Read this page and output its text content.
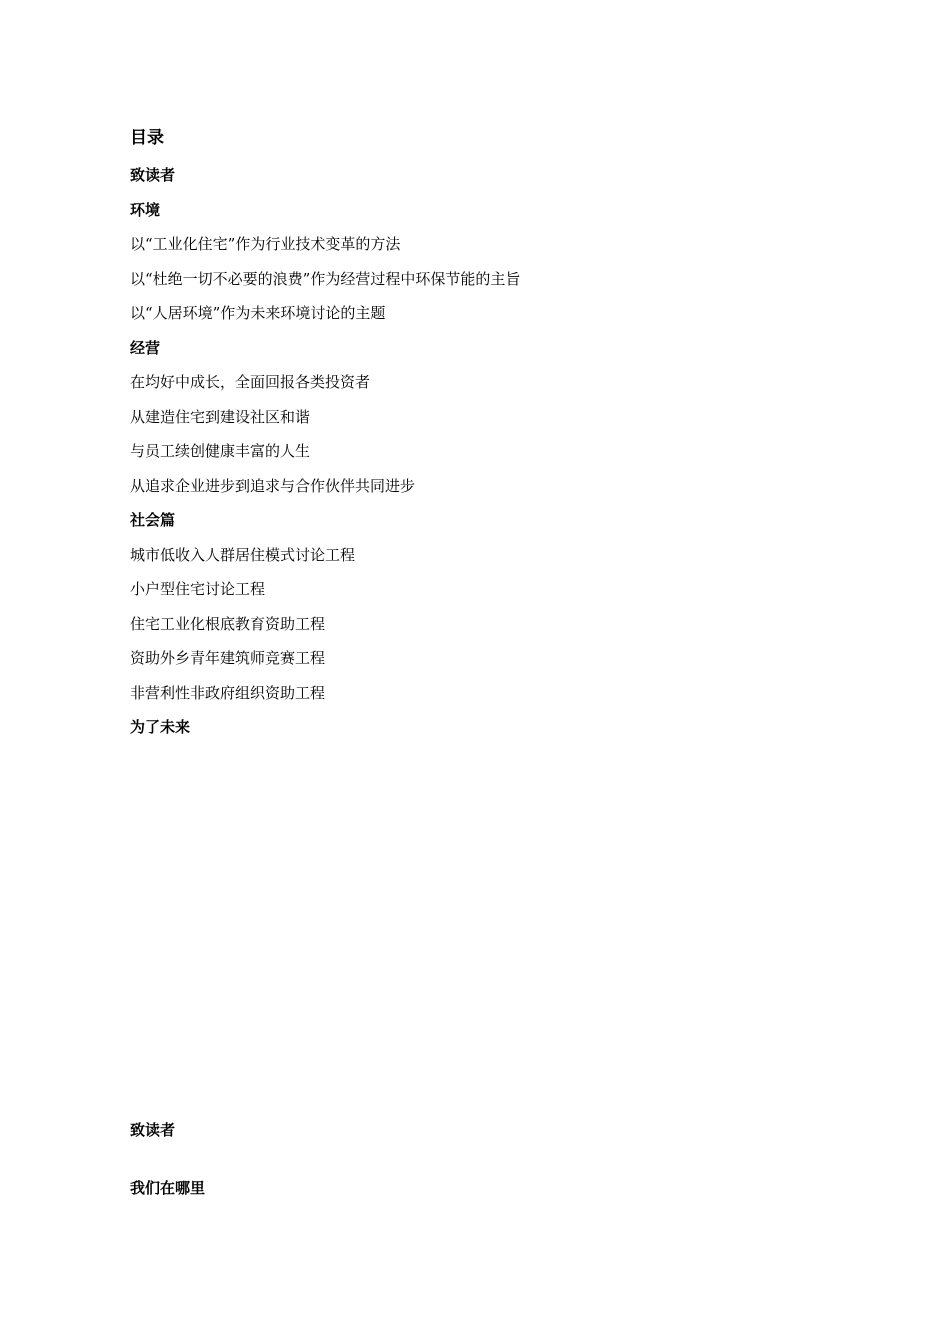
目录
致读者
环境
以“工业化住宅”作为行业技术变革的方法
以“杜绝一切不必要的浪费”作为经营过程中环保节能的主旨
以“人居环境”作为未来环境讨论的主题
经营
在均好中成长，全面回报各类投资者
从建造住宅到建设社区和谐
与员工续创健康丰富的人生
从追求企业进步到追求与合作伙伴共同进步
社会篇
城市低收入人群居住模式讨论工程
小户型住宅讨论工程
住宅工业化根底教育资助工程
资助外乡青年建筑师竞赛工程
非营利性非政府组织资助工程
为了未来
致读者
我们在哪里
